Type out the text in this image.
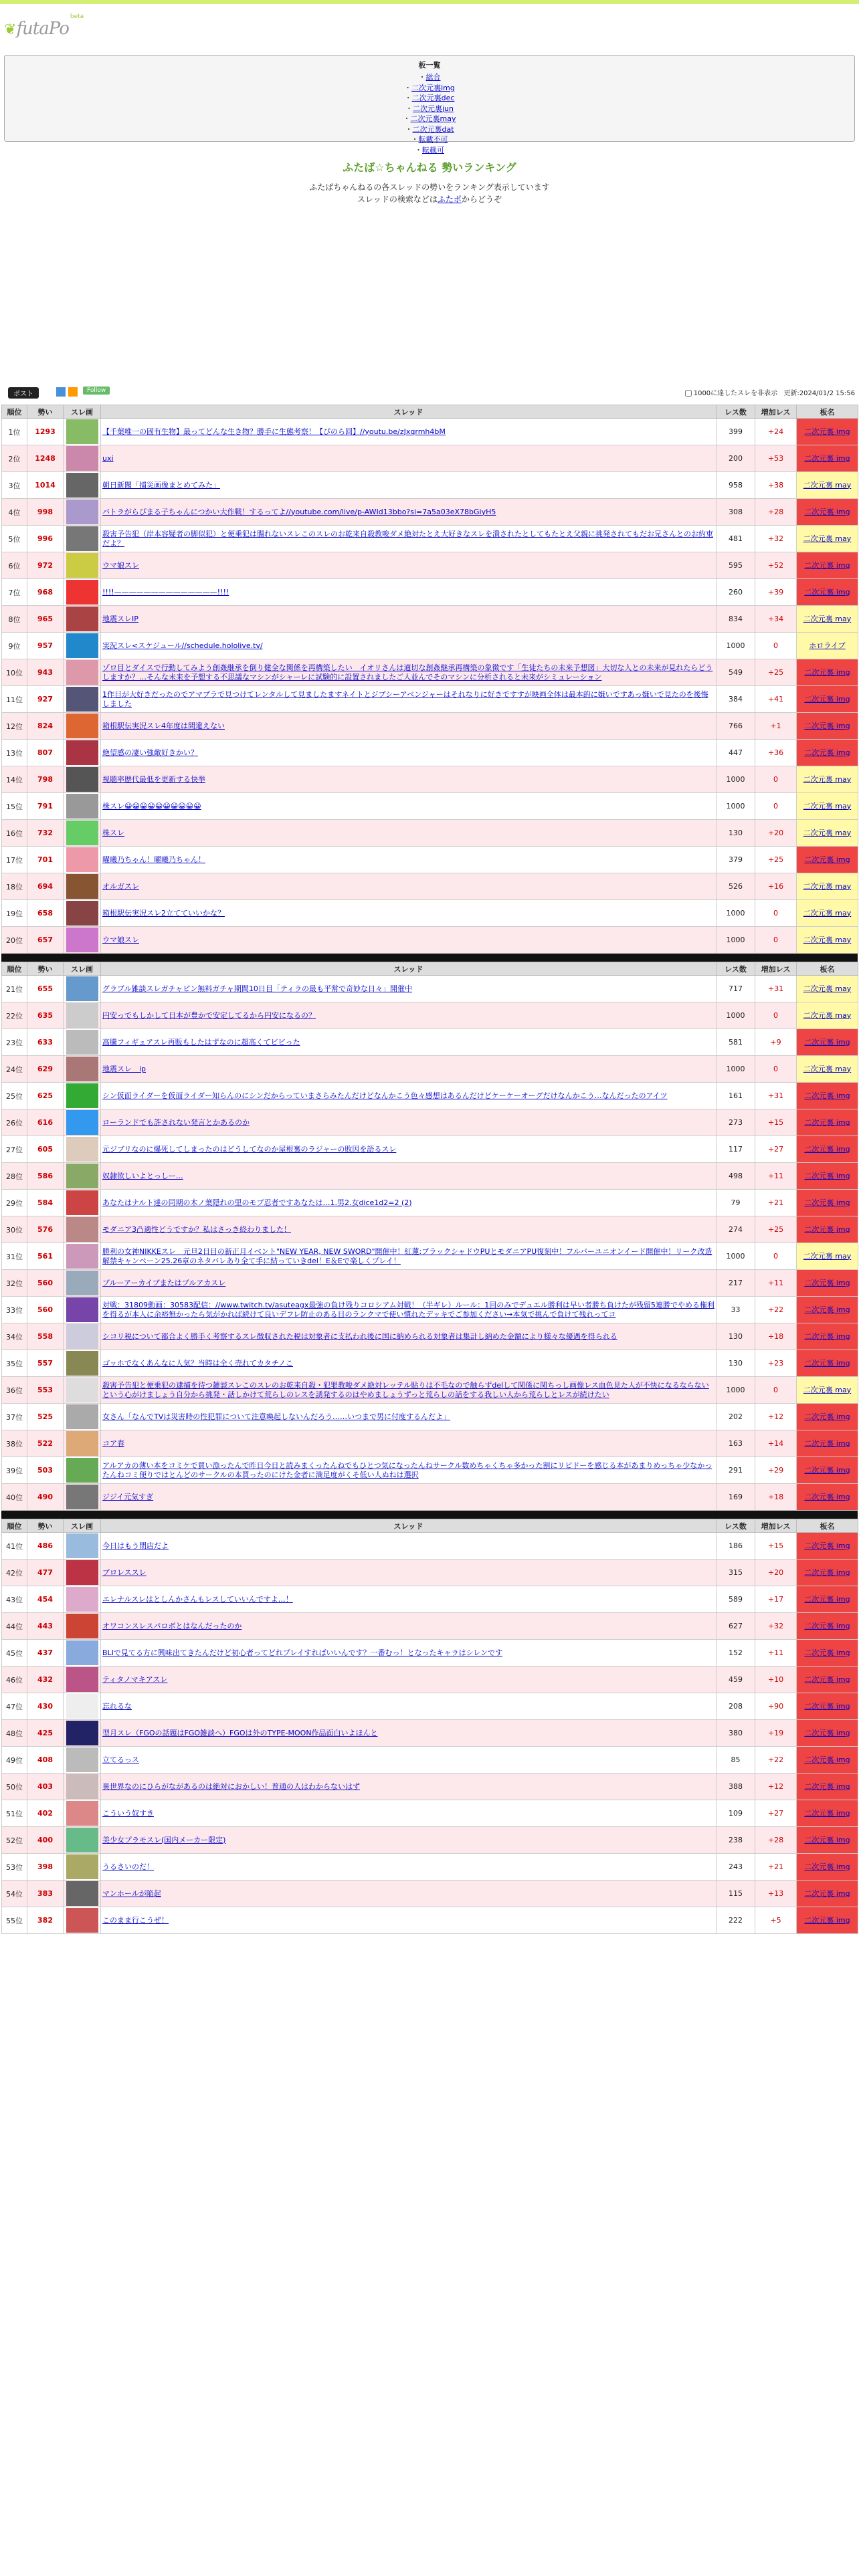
❦ futaPo
beta
板一覧
・総合
・二次元裏img
・二次元裏dec
・二次元裏jun
・二次元裏may
・二次元裏dat
・転載不可
・転載可
ふたば☆ちゃんねる 勢いランキング

ふたばちゃんねるの各スレッドの勢いをランキング表示しています

スレッドの検索などはふたポからどうぞ

ポスト	Follow	1000に達したスレを非表示 更新:2024/01/2 15:56
順位	勢い	スレ画	スレッド	レス数	増加レス	板名
1位	1293		【千葉唯一の固有生物】最ってどんな生き物？勝手に生態考察！【ぴのら回】//youtu.be/zJxqrmh4bM	399	+24	二次元裏 img
2位	1248		uxi	200	+53	二次元裏 img
3位	1014		朝日新聞「捕災画像まとめてみた」	958	+38	二次元裏 may
4位	998		バトラがらぴまる子ちゃんにつかい大作戦！するってよ//youtube.com/live/p-AWId13bbo?si=7a5a03eX78bGiyH5	308	+28	二次元裏 img
5位	996		殺害予告犯（岸本容疑者の脚似犯）と便乗犯は腸れないスレこのスレのお乾来自殺教唆ダメ絶対たとえ大好きなスレを潰されたとしてもたとえ父親に挑発されてもだお兄さんとのお約束だよ？	481	+32	二次元裏 may
6位	972		ウマ娘スレ	595	+52	二次元裏 img
7位	968		!!!!——————————————!!!!	260	+39	二次元裏 img
8位	965		地震スレIP	834	+34	二次元裏 may
9位	957		実況スレ<スケジュール//schedule.hololive.tv/	1000	0	ホロライブ
10位	943		ゾロ目とダイスで行動してみよう創姦継承を倒り健全な関係を再構築したい　イオリさんは適切な創姦継承再構築の象徴です「生徒たちの未来予想図」大切な人との未来が見れたらどうしますか？…そんな未来を予想する不思議なマシンがシャーレに試験的に設置されましたご人並んでそのマシンに分析されると未来がシミュレーション	549	+25	二次元裏 img
11位	927		1作目が大好きだったのでアマプラで見つけてレンタルして見ましたますネイトとジブシーアベンジャーはそれなりに好きですすが映画全体は最本的に嫌いですあっ嫌いで見たのを後悔しました	384	+41	二次元裏 img
12位	824		箱根駅伝実況スレ4年度は間違えない	766	+1	二次元裏 img
13位	807		絶望感の凄い強敵好きかい？	447	+36	二次元裏 img
14位	798		視聴率歴代最低を更新する快挙	1000	0	二次元裏 may
15位	791		株スレ😀😀😀😀😀😀😀😀😀😀	1000	0	二次元裏 may
16位	732		株スレ	130	+20	二次元裏 may
17位	701		曜曦乃ちゃん！曜曦乃ちゃん！	379	+25	二次元裏 img
18位	694		オルガスレ	526	+16	二次元裏 may
19位	658		箱根駅伝実況スレ2立てていいかな？	1000	0	二次元裏 may
20位	657		ウマ娘スレ	1000	0	二次元裏 may
順位	勢い	スレ画	スレッド	レス数	増加レス	板名
21位	655		グラブル雑談スレガチャピン無料ガチャ期間10日目「ティラの最も平常で奇妙な日々」開催中	717	+31	二次元裏 may
22位	635		円安っでもしかして日本が豊かで安定してるから円安になるの？	1000	0	二次元裏 may
23位	633		高騰フィギュアスレ再販もしたはずなのに超高くてビビった	581	+9	二次元裏 img
24位	629		地震スレ　ip	1000	0	二次元裏 may
25位	625		シン仮面ライダーを仮面ライダー知らんのにシンだからっていまさらみたんだけどなんかこう色々感想はあるんだけどケーケーオーグだけなんかこう…なんだったのアイツ	161	+31	二次元裏 img
26位	616		ローランドでも許されない発言とかあるのか	273	+15	二次元裏 img
27位	605		元ジブリなのに爆死してしまったのはどうしてなのか屋根裏のラジャーの敗因を語るスレ	117	+27	二次元裏 img
28位	586		奴隷欲しいよとっしー…	498	+11	二次元裏 img
29位	584		あなたはナルト達の同期の木ノ葉隠れの里のモブ忍者ですあなたは…1.男2.女dice1d2=2 (2)	79	+21	二次元裏 img
30位	576		モダニア3凸適性どうですか？私はさっき終わりました！	274	+25	二次元裏 img
31位	561		勝利の女神NIKKEスレ　元旦2日目の新正月イベント"NEW YEAR, NEW SWORD"開催中！紅蓮:ブラックシャドウPUとモダニアPU復刻中！フルバーユニオンイード開催中！リーク改造解禁キャンペーン25.26章のネタバレあり全て手に結っていきdel！E＆Eで楽しくプレイ！	1000	0	二次元裏 may
32位	560		ブルーアーカイブまたはブルアカスレ	217	+11	二次元裏 img
33位	560		対戦：31809動画：30583配信：//www.twitch.tv/asuteagx最強の負け残りコロシアム対戦！（半ギレ）ルール：1回のみでデュエル勝利は早い者勝ち負けたが残留5連勝でやめる権利を得るが本人に余裕無かったら気がかれば続けて良いデフレ防止のある目のランクマで使い慣れたデッキでご参加ください→本気で挑んで負けて残れってコ	33	+22	二次元裏 img
34位	558		シコリ税について都合よく勝手く考察するスレ徴収された税は対象者に支払われ後に国に納められる対象者は集計し納めた金額により様々な優遇を得られる	130	+18	二次元裏 img
35位	557		ゴッホでなくあんなに人気？当時は全く売れてカタチノこ	130	+23	二次元裏 img
36位	553		殺害予告犯と便乗犯の逮捕を待つ雑談スレこのスレのお乾来自殺・犯罪教唆ダメ絶対レッテル貼りは不毛なので触らずdelして関係に関ちっし画像レス血色見た人が不快になるならないという心がけましょう自分から挑発・話しかけて荒らしのレスを誘発するのはやめましょうずっと荒らしの話をする我しい人から荒らしとレスが続けたい	1000	0	二次元裏 may
37位	525		女さん「なんでTVは災害時の性犯罪について注意喚起しないんだろう……いつまで男に付度するんだよ」	202	+12	二次元裏 img
38位	522		コア春	163	+14	二次元裏 img
39位	503		アルアカの薄い本をコミケで買い漁ったんで昨日今日と読みまくったんねでもひとつ気になったんねサークル数めちゃくちゃ多かった割にリビドーを感じる本があまりめっちゃ少なかったんねコミ便りではとんどのサークルの本買ったのにけた金者に満足度がくそ低い人ぬねは選択	291	+29	二次元裏 img
40位	490		ジジイ元気すぎ	169	+18	二次元裏 img
順位	勢い	スレ画	スレッド	レス数	増加レス	板名
41位	486		今日はもう閉店だよ	186	+15	二次元裏 img
42位	477		プロレススレ	315	+20	二次元裏 img
43位	454		エレナルスレはとしんかさんもレスしていいんですよ…！	589	+17	二次元裏 img
44位	443		オワコンスレスパロボとはなんだったのか	627	+32	二次元裏 img
45位	437		BLIで見てる方に興味出てきたんだけど初心者ってどれプレイすればいいんです？一番むっ！となったキャラはシレンです	152	+11	二次元裏 img
46位	432		ティタノマキアスレ	459	+10	二次元裏 img
47位	430		忘れるな	208	+90	二次元裏 img
48位	425		型月スレ（FGOの話題はFGO雑談へ）FGOは外のTYPE-MOON作品面白いよほんと	380	+19	二次元裏 img
49位	408		立てるっス	85	+22	二次元裏 img
50位	403		異世界なのにひらがながあるのは絶対におかしい！普通の人はわからないはず	388	+12	二次元裏 img
51位	402		こういう奴すき	109	+27	二次元裏 img
52位	400		美少女プラモスレ(国内メーカー限定)	238	+28	二次元裏 img
53位	398		うるさいのだ！	243	+21	二次元裏 img
54位	383		マンホールが陥起	115	+13	二次元裏 img
55位	382		このまま行こうぜ！	222	+5	二次元裏 img
